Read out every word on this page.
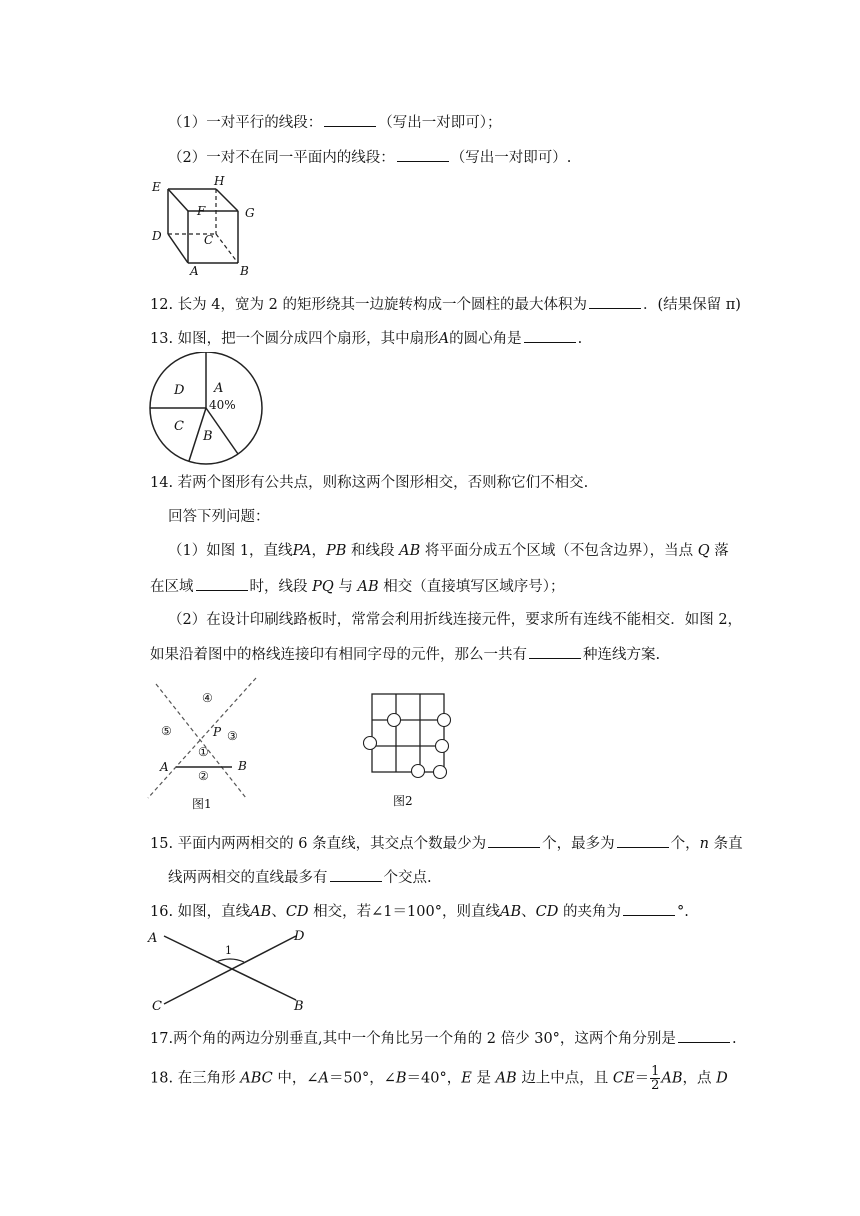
（1）一对平行的线段：	（写出一对即可）；
（2）一对不在同一平面内的线段：	（写出一对即可）.
E	H
F	G
D	C
A	B
12. 长为 4，宽为 2 的矩形绕其一边旋转构成一个圆柱的最大体积为	．(结果保留 π)
13. 如图，把一个圆分成四个扇形，其中扇形A的圆心角是	.
D A
40%
C
B
14. 若两个图形有公共点，则称这两个图形相交，否则称它们不相交.
回答下列问题：
（1）如图 1，直线PA，PB 和线段 AB 将平面分成五个区域（不包含边界），当点 Q 落
在区域	时，线段 PQ 与 AB 相交（直接填写区域序号）；
（2）在设计印刷线路板时，常常会利用折线连接元件，要求所有连线不能相交．如图 2，
如果沿着图中的格线连接印有相同字母的元件，那么一共有	种连线方案.
④
⑤	③
①
②
P
A	B
图1	图2
15. 平面内两两相交的 6 条直线，其交点个数最少为	个，最多为	个，n 条直
线两两相交的直线最多有	个交点.
16. 如图，直线AB、CD 相交，若∠1＝100°，则直线AB、CD 的夹角为	°.
A	D
C	B
1
17.两个角的两边分别垂直,其中一个角比另一个角的 2 倍少 30°，这两个角分别是	.
18. 在三角形 ABC 中，∠A＝50°，∠B＝40°，E 是 AB 边上中点，且 $CE= \frac{1}{2}$ AB，点 D
